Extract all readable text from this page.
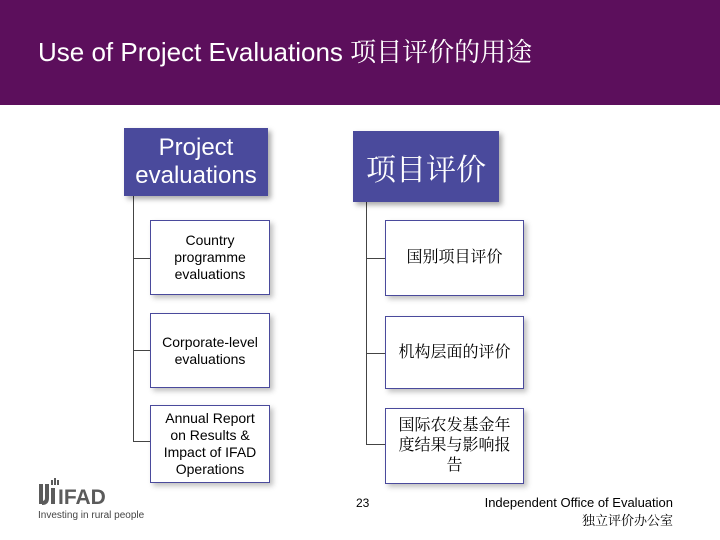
Use of Project Evaluations 项目评价的用途
Project evaluations	项目评价
Country programme evaluations
Corporate-level evaluations
Annual Report on Results & Impact of IFAD Operations
国别项目评价
机构层面的评价
国际农发基金年度结果与影响报告
IFAD
Investing in rural people
23	Independent Office of Evaluation
独立评价办公室
